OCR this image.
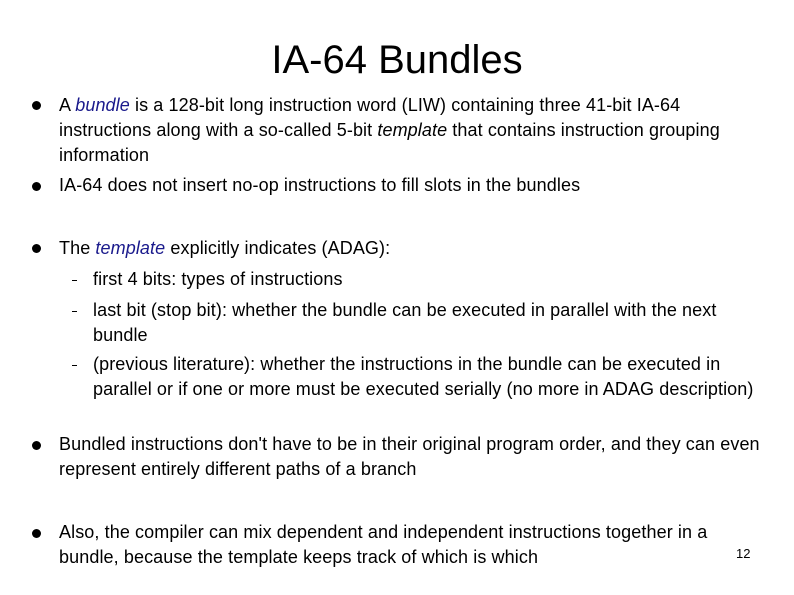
IA-64 Bundles
A bundle is a 128-bit long instruction word (LIW) containing three 41-bit IA-64 instructions along with a so-called 5-bit template that contains instruction grouping information
IA-64 does not insert no-op instructions to fill slots in the bundles
The template explicitly indicates (ADAG):
first 4 bits: types of instructions
last bit (stop bit): whether the bundle can be executed in parallel with the next bundle
(previous literature): whether the instructions in the bundle can be executed in parallel or if one or more must be executed serially (no more in ADAG description)
Bundled instructions don't have to be in their original program order, and they can even represent entirely different paths of a branch
Also, the compiler can mix dependent and independent instructions together in a bundle, because the template keeps track of which is which	12
